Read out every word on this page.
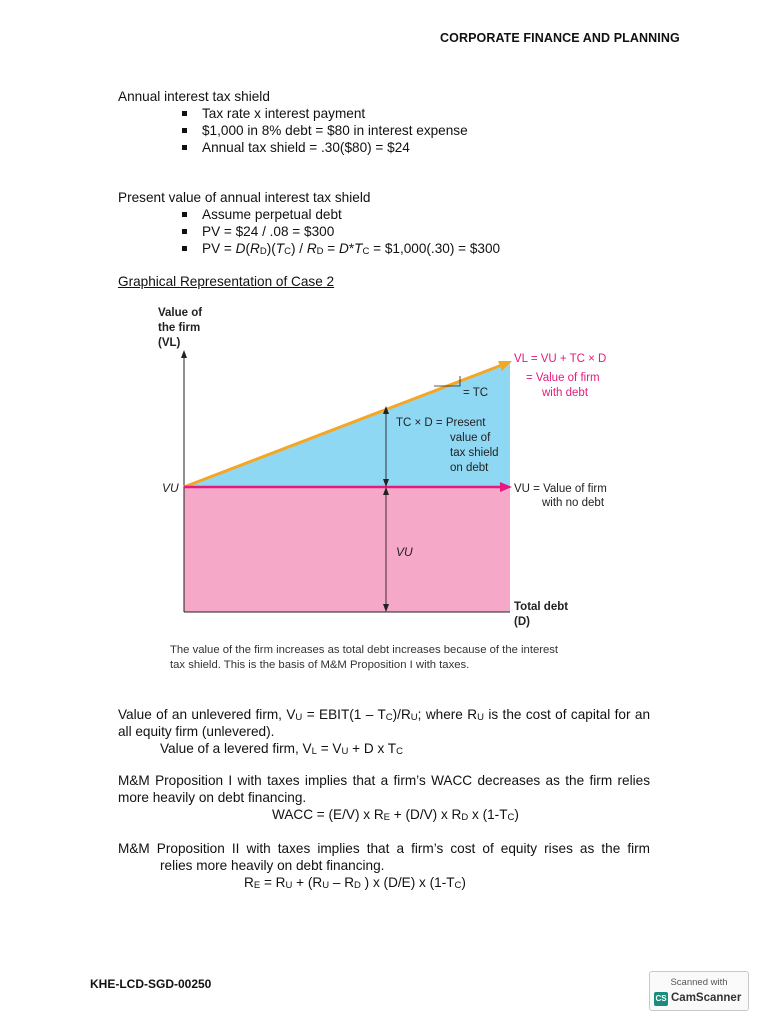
CORPORATE FINANCE AND PLANNING
Annual interest tax shield
Tax rate x interest payment
$1,000 in 8% debt = $80 in interest expense
Annual tax shield = .30($80) = $24
Present value of annual interest tax shield
Assume perpetual debt
PV = $24 / .08 = $300
PV = $D(R_D)(T_C) / R_D = D*T_C$ = $1,000(.30) = $300
Graphical Representation of Case 2
Value of the firm (VL)
VU
VU
= TC
TC × D = Present value of tax shield on debt
VL = VU + TC × D = Value of firm with debt
VU = Value of firm with no debt
Total debt (D)
The value of the firm increases as total debt increases because of the interest tax shield. This is the basis of M&M Proposition I with taxes.
Value of an unlevered firm, $V_U$ = EBIT(1 – $T_C)/R_U$; where $R_U$ is the cost of capital for an all equity firm (unlevered).
Value of a levered firm, $V_L = V_U + D$ x $T_C$
M&M Proposition I with taxes implies that a firm’s WACC decreases as the firm relies more heavily on debt financing.
WACC = (E/V) x $R_E + (D/V)$ x $R_D$ x $(1-T_C)$
M&M Proposition II with taxes implies that a firm’s cost of equity rises as the firm
relies more heavily on debt financing.
$R_E = R_U + (R_U - R_D$ ) x (D/E) x $(1-T_C)$
KHE-LCD-SGD-00250	Scanned with
CS CamScanner
